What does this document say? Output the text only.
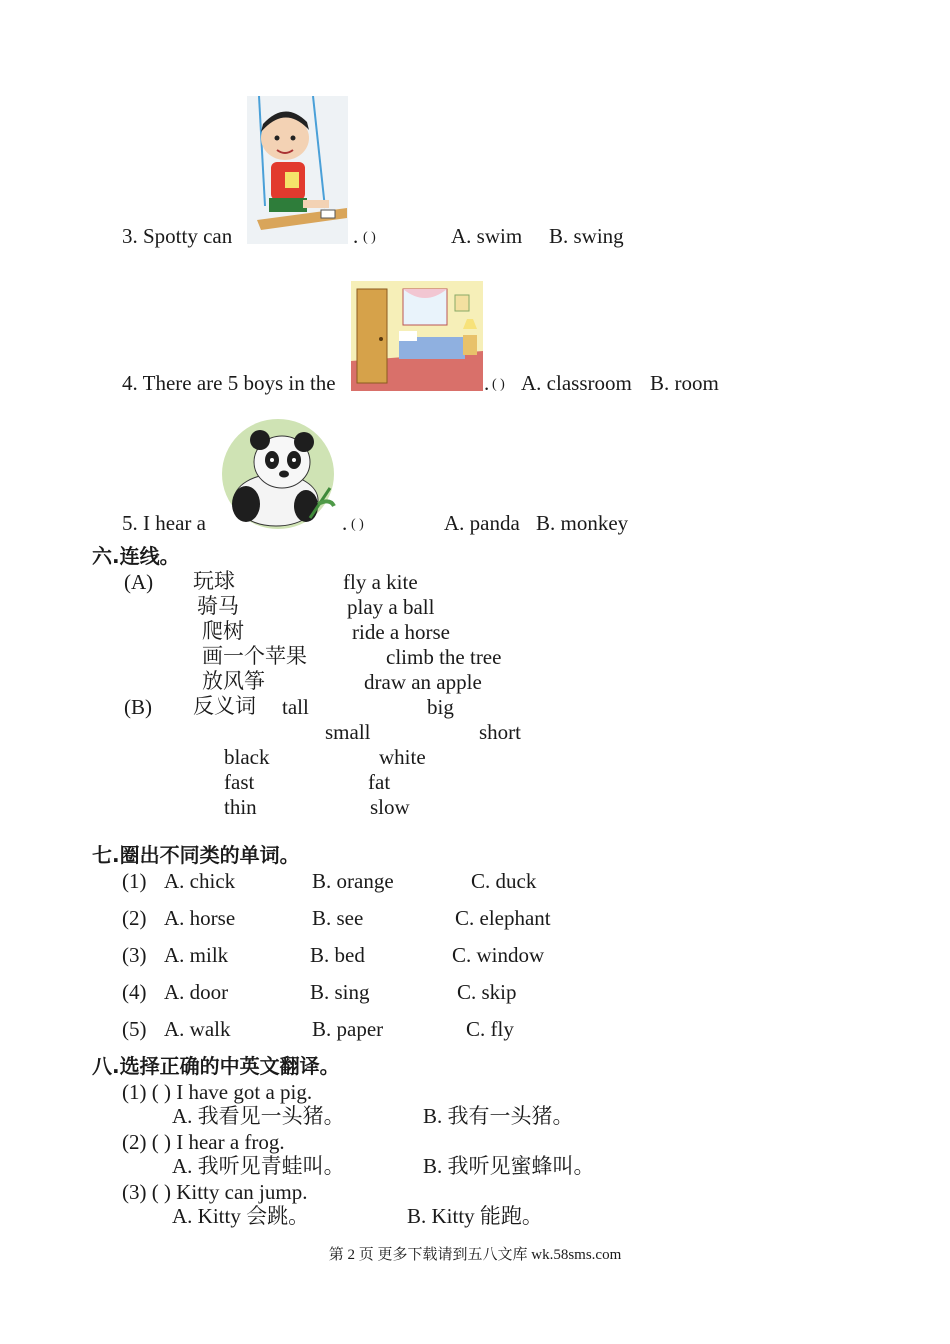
3. Spotty can	. ( )	A. swim B. swing
4. There are 5 boys in the	. ( ) A. classroom B. room
5. I hear a	. ( )	A. panda B. monkey
六.连线。
(A) 玩球
骑马
爬树
画一个苹果
放风筝
fly a kite
play a ball
ride a horse
climb the tree
draw an apple
(B) 反义词 tall	big
small	short
black	white
fast	fat
thin	slow
七.圈出不同类的单词。
(1) A. chick	B. orange	C. duck
(2) A. horse	B. see	C. elephant
(3) A. milk	B. bed	C. window
(4) A. door	B. sing	C. skip
(5) A. walk	B. paper	C. fly
八.选择正确的中英文翻译。
(1) ( ) I have got a pig.
A. 我看见一头猪。	B. 我有一头猪。
(2) ( ) I hear a frog.
A. 我听见青蛙叫。	B. 我听见蜜蜂叫。
(3) ( ) Kitty can jump.
A. Kitty 会跳。	B. Kitty 能跑。
第 2 页 更多下载请到五八文库 wk.58sms.com
